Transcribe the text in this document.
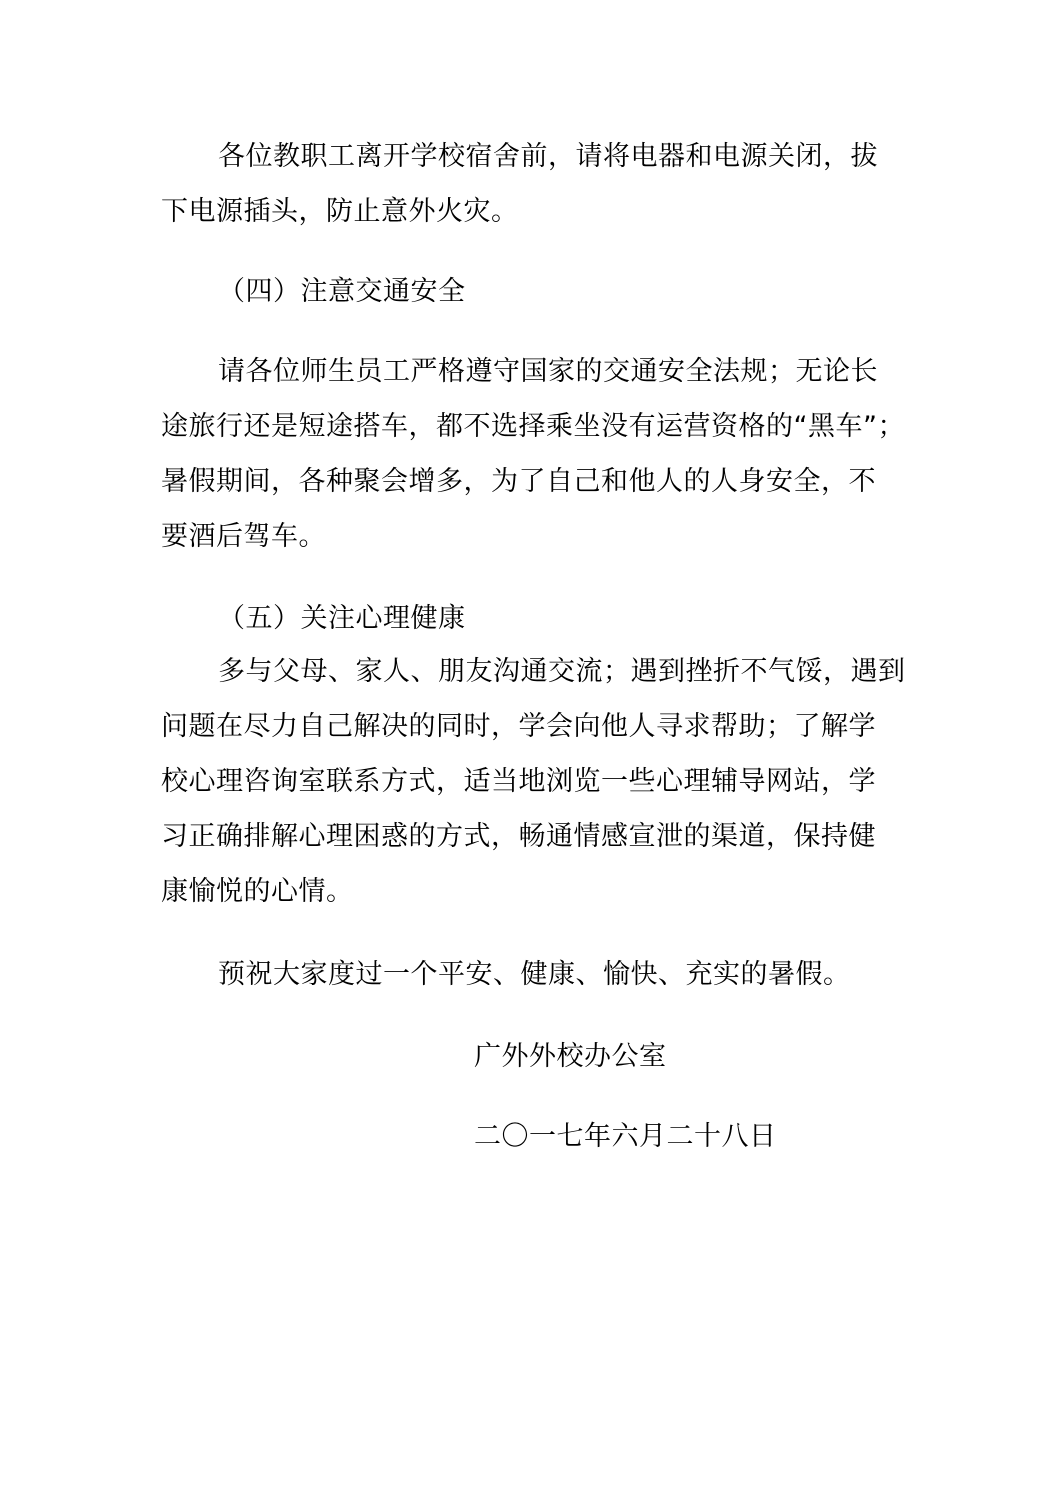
各位教职工离开学校宿舍前，请将电器和电源关闭，拔

下电源插头，防止意外火灾。

（四）注意交通安全

请各位师生员工严格遵守国家的交通安全法规；无论长

途旅行还是短途搭车，都不选择乘坐没有运营资格的“黑车”；

暑假期间，各种聚会增多，为了自己和他人的人身安全，不

要酒后驾车。

（五）关注心理健康

多与父母、家人、朋友沟通交流；遇到挫折不气馁，遇到

问题在尽力自己解决的同时，学会向他人寻求帮助；了解学

校心理咨询室联系方式，适当地浏览一些心理辅导网站，学

习正确排解心理困惑的方式，畅通情感宣泄的渠道，保持健

康愉悦的心情。

预祝大家度过一个平安、健康、愉快、充实的暑假。

广外外校办公室

二〇一七年六月二十八日
